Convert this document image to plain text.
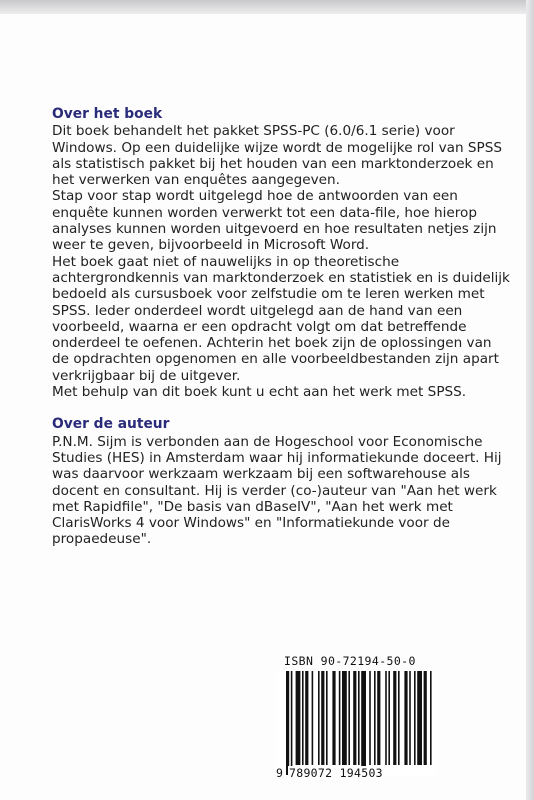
Over het boek

Dit boek behandelt het pakket SPSS-PC (6.0/6.1 serie) voor

Windows. Op een duidelijke wijze wordt de mogelijke rol van SPSS

als statistisch pakket bij het houden van een marktonderzoek en

het verwerken van enquêtes aangegeven.

Stap voor stap wordt uitgelegd hoe de antwoorden van een

enquête kunnen worden verwerkt tot een data-file, hoe hierop

analyses kunnen worden uitgevoerd en hoe resultaten netjes zijn

weer te geven, bijvoorbeeld in Microsoft Word.

Het boek gaat niet of nauwelijks in op theoretische

achtergrondkennis van marktonderzoek en statistiek en is duidelijk

bedoeld als cursusboek voor zelfstudie om te leren werken met

SPSS. Ieder onderdeel wordt uitgelegd aan de hand van een

voorbeeld, waarna er een opdracht volgt om dat betreffende

onderdeel te oefenen. Achterin het boek zijn de oplossingen van

de opdrachten opgenomen en alle voorbeeldbestanden zijn apart

verkrijgbaar bij de uitgever.

Met behulp van dit boek kunt u echt aan het werk met SPSS.

Over de auteur

P.N.M. Sijm is verbonden aan de Hogeschool voor Economische

Studies (HES) in Amsterdam waar hij informatiekunde doceert. Hij

was daarvoor werkzaam werkzaam bij een softwarehouse als

docent en consultant. Hij is verder (co-)auteur van "Aan het werk

met Rapidfile", "De basis van dBaseIV", "Aan het werk met

ClarisWorks 4 voor Windows" en "Informatiekunde voor de

propaedeuse".

ISBN 90-72194-50-0
9 789072 194503
